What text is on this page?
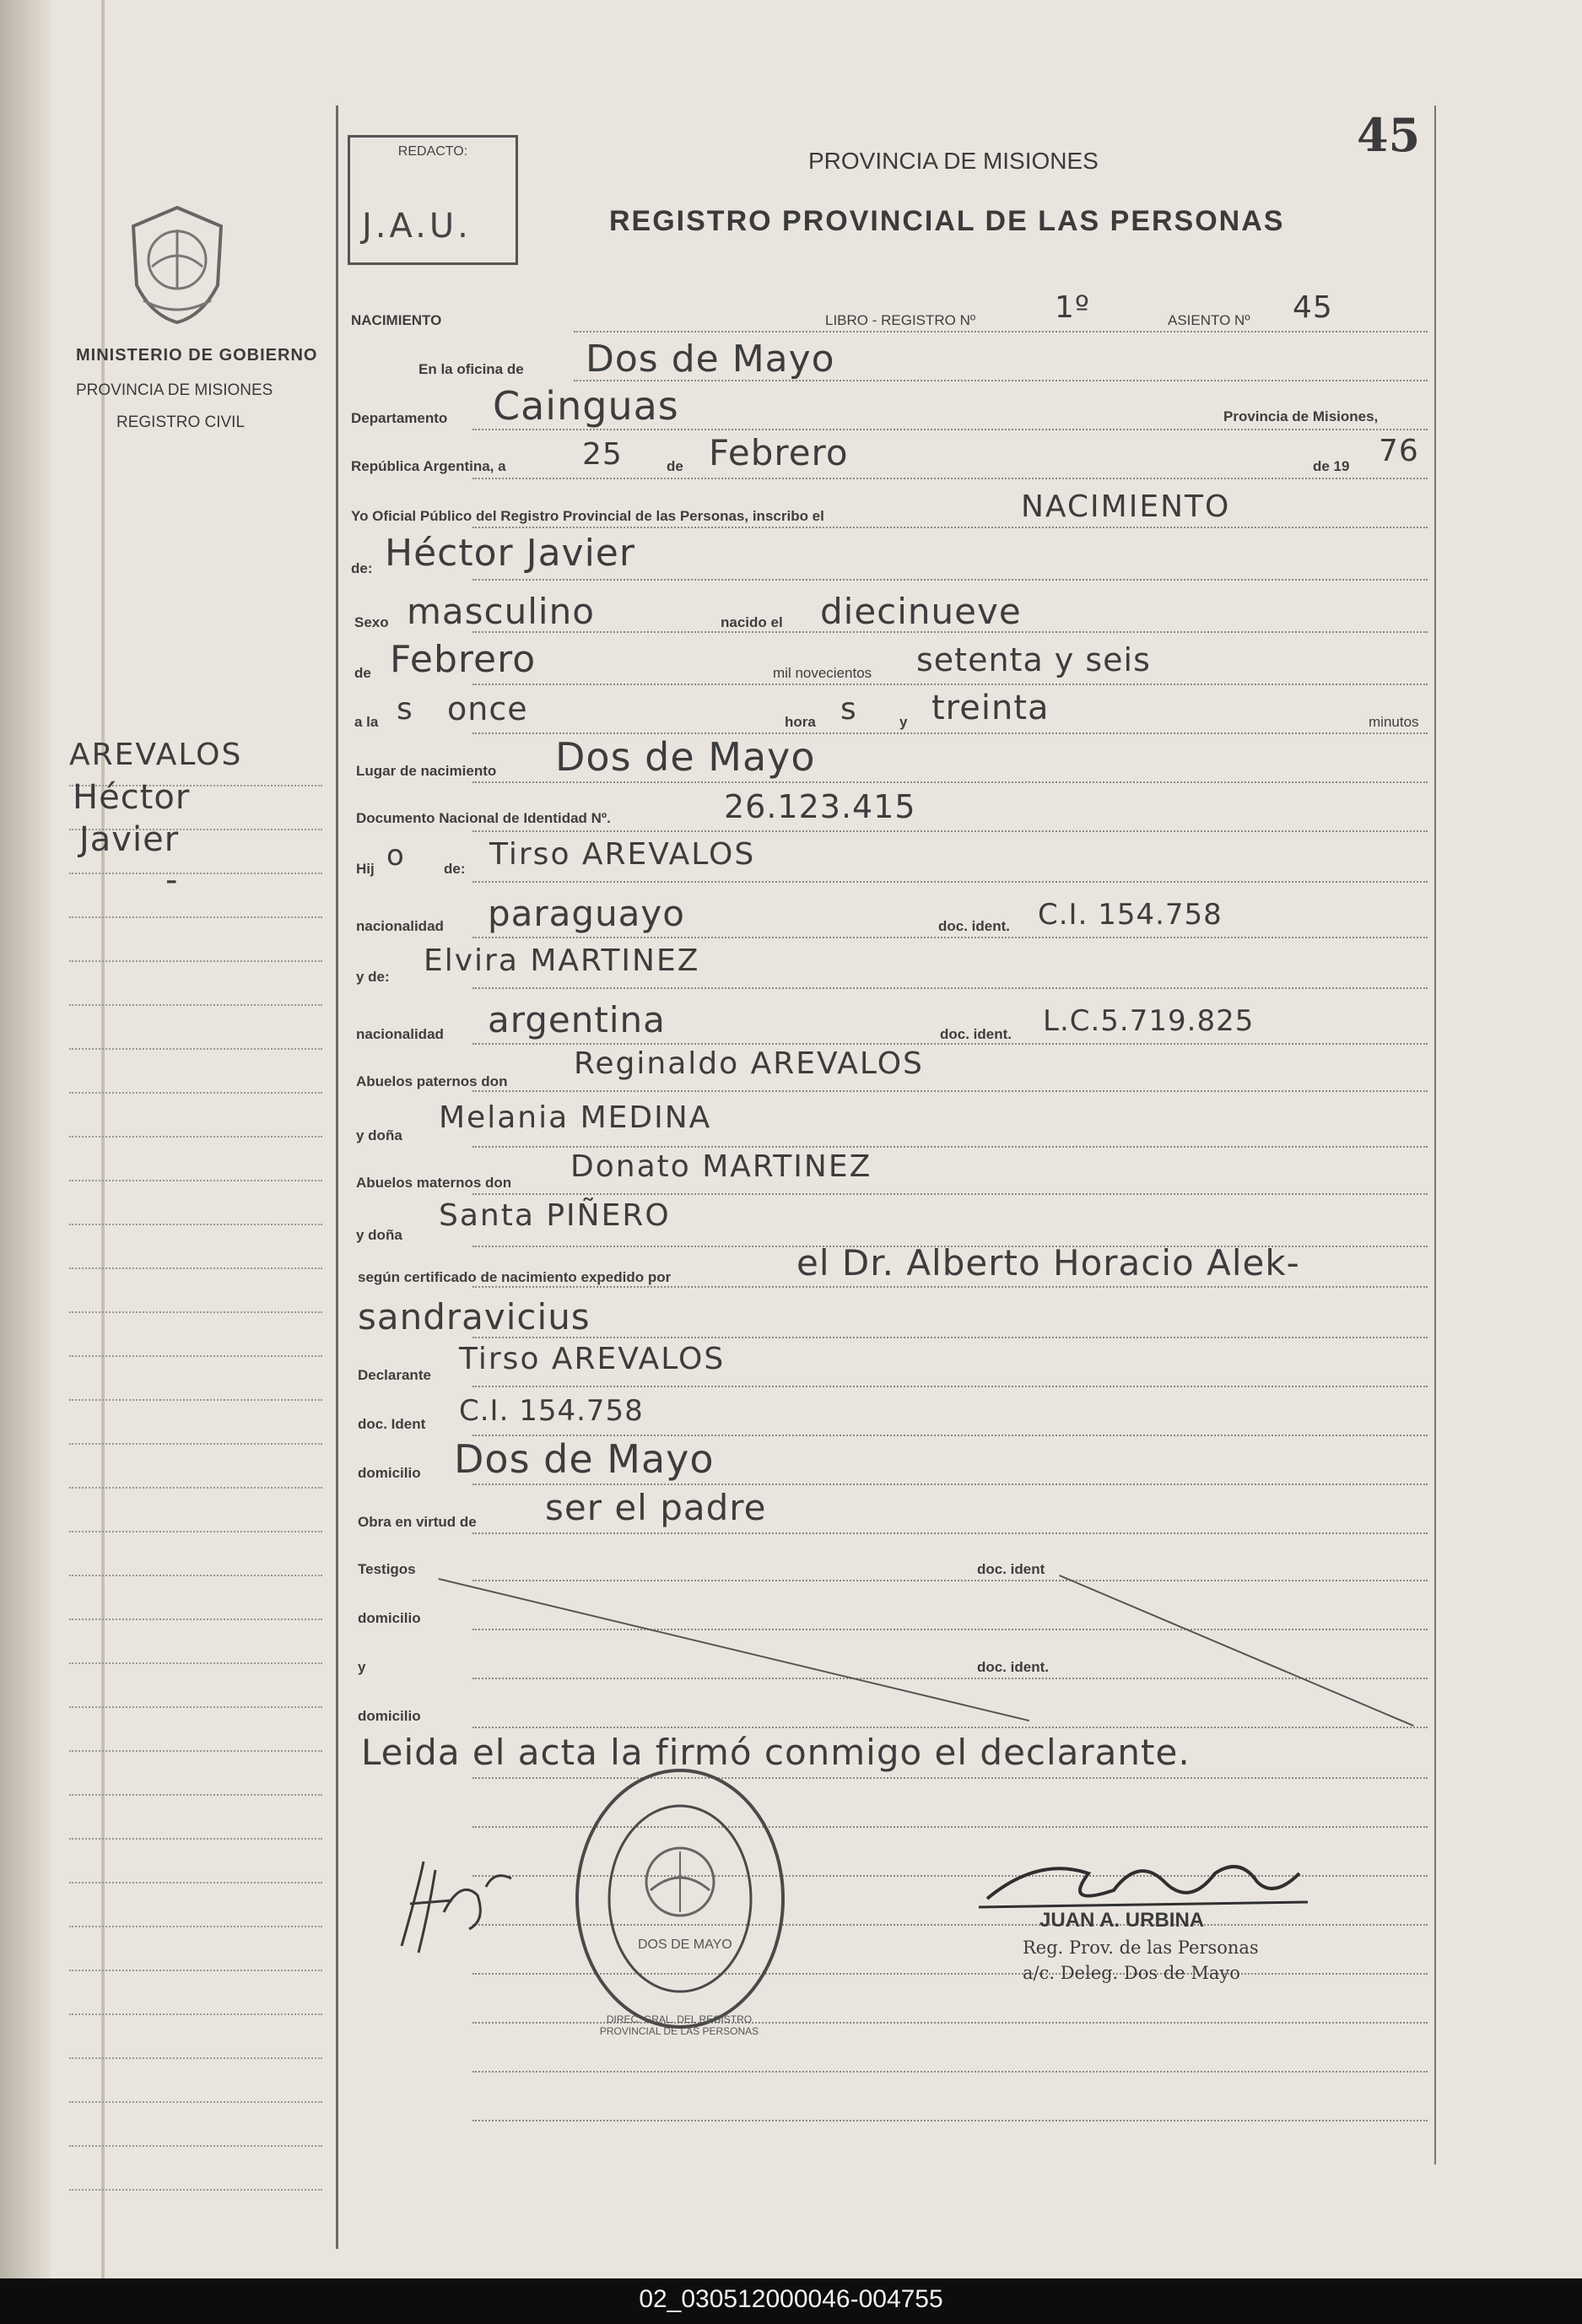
45
REDACTO:
J.A.U.
PROVINCIA DE MISIONES
REGISTRO PROVINCIAL DE LAS PERSONAS
MINISTERIO DE GOBIERNO
PROVINCIA DE MISIONES
REGISTRO CIVIL
AREVALOS
Héctor
Javier
-
NACIMIENTO	LIBRO - REGISTRO Nº	1º	ASIENTO Nº 45
En la oficina de Dos de Mayo
Departamento Cainguas	Provincia de Misiones,
República Argentina, a	25	de Febrero	de 19 76
Yo Oficial Público del Registro Provincial de las Personas, inscribo el	NACIMIENTO
de: Héctor Javier
Sexo masculino	nacido el diecinueve
de Febrero	mil novecientos setenta y seis
a la s once	hora s	y treinta	minutos
Lugar de nacimiento Dos de Mayo
Documento Nacional de Identidad Nº.	26.123.415
Hij o	de: Tirso AREVALOS
nacionalidad paraguayo	doc. ident. C.I. 154.758
y de: Elvira MARTINEZ
nacionalidad argentina	doc. ident. L.C.5.719.825
Abuelos paternos don
Reginaldo AREVALOS
y doña
Melania MEDINA
Abuelos maternos don Donato MARTINEZ
y doña
Santa PIÑERO
según certificado de nacimiento expedido por	el Dr. Alberto Horacio Alek-
sandravicius
Declarante Tirso AREVALOS
doc. Ident C.I. 154.758
domicilio Dos de Mayo
Obra en virtud de ser el padre
Testigos	doc. ident
domicilio
y	doc. ident.
domicilio
Leida el acta la firmó conmigo el declarante.
DIREC. GRAL. DEL REGISTRO PROVINCIAL DE LAS PERSONAS
DOS DE MAYO
JUAN A. URBINA
Reg. Prov. de las Personas
a/c. Deleg. Dos de Mayo
02_030512000046-004755
